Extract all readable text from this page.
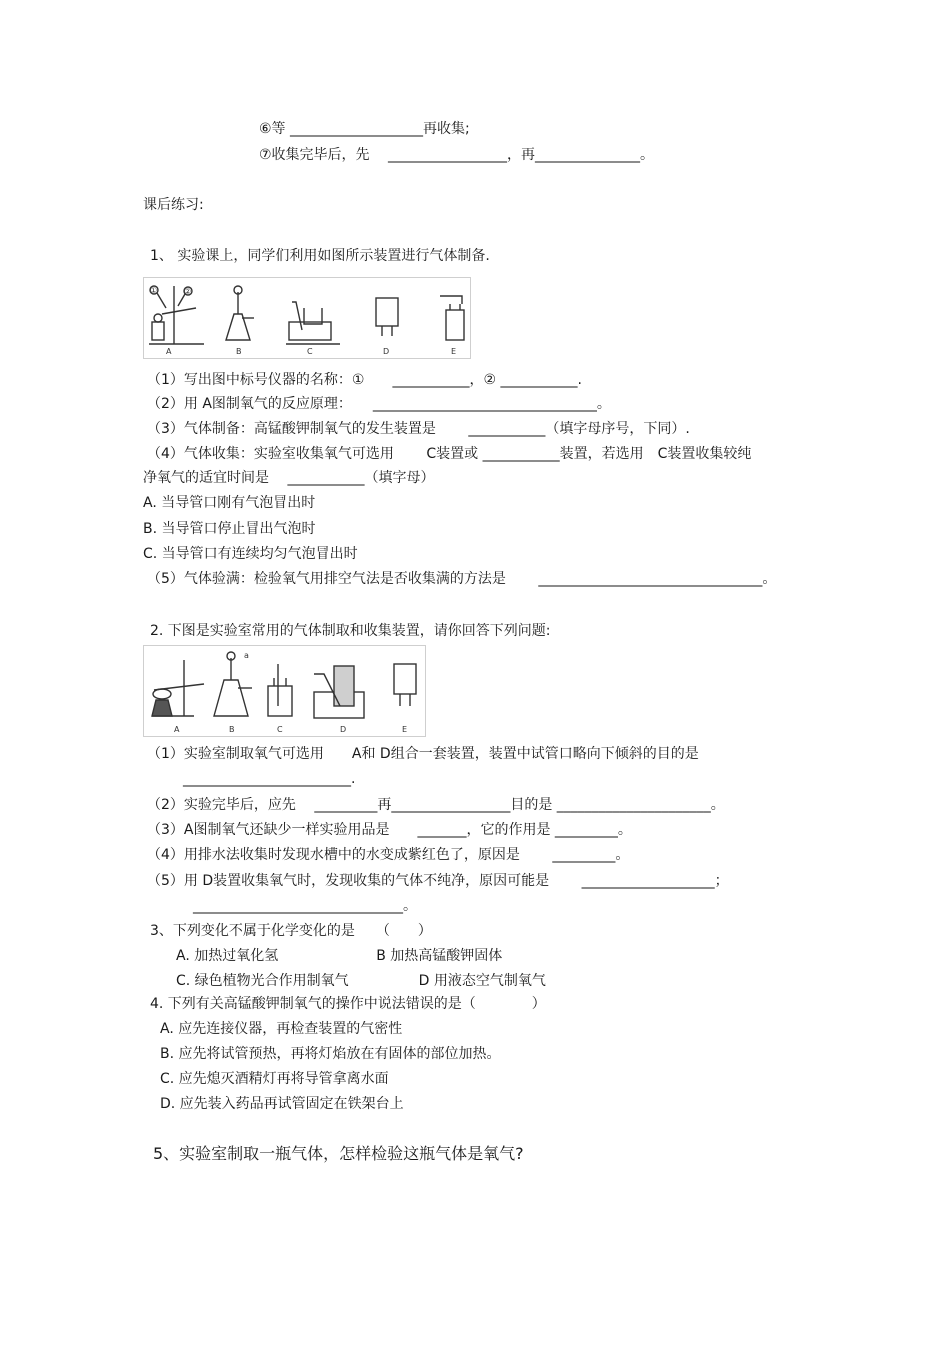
⑥等 ___________________再收集;
⑦收集完毕后，先　 _________________，再_______________。
课后练习:
1、 实验课上，同学们利用如图所示装置进行气体制备.
A	B	C	D	E
①	②
（1）写出图中标号仪器的名称：①　　___________，② ___________.
（2）用 A图制氧气的反应原理：　　________________________________。
（3）气体制备：高锰酸钾制氧气的发生装置是　　 ___________（填字母序号，下同）.
（4）气体收集：实验室收集氧气可选用　　 C装置或 ___________装置，若选用　C装置收集较纯
净氧气的适宜时间是　 ___________（填字母）
A. 当导管口刚有气泡冒出时
B. 当导管口停止冒出气泡时
C. 当导管口有连续均匀气泡冒出时
（5）气体验满：检验氧气用排空气法是否收集满的方法是　　 ________________________________。
2. 下图是实验室常用的气体制取和收集装置，请你回答下列问题:
A	B	C	D	E
a
（1）实验室制取氧气可选用　　A和 D组合一套装置，装置中试管口略向下倾斜的目的是
________________________.
（2）实验完毕后，应先　 _________再_________________目的是 ______________________。
（3）A图制氧气还缺少一样实验用品是　　_______，它的作用是 _________。
（4）用排水法收集时发现水槽中的水变成紫红色了，原因是　　 _________。
（5）用 D装置收集氧气时，发现收集的气体不纯净，原因可能是　　 ___________________；
______________________________。
3、下列变化不属于化学变化的是　　（　　）
A. 加热过氧化氢　　　　　　　B 加热高锰酸钾固体
C. 绿色植物光合作用制氧气　　　　　D 用液态空气制氧气
4. 下列有关高锰酸钾制氧气的操作中说法错误的是（　　　　）
A. 应先连接仪器，再检查装置的气密性
B. 应先将试管预热，再将灯焰放在有固体的部位加热。
C. 应先熄灭酒精灯再将导管拿离水面
D. 应先装入药品再试管固定在铁架台上
5、实验室制取一瓶气体，怎样检验这瓶气体是氧气?
